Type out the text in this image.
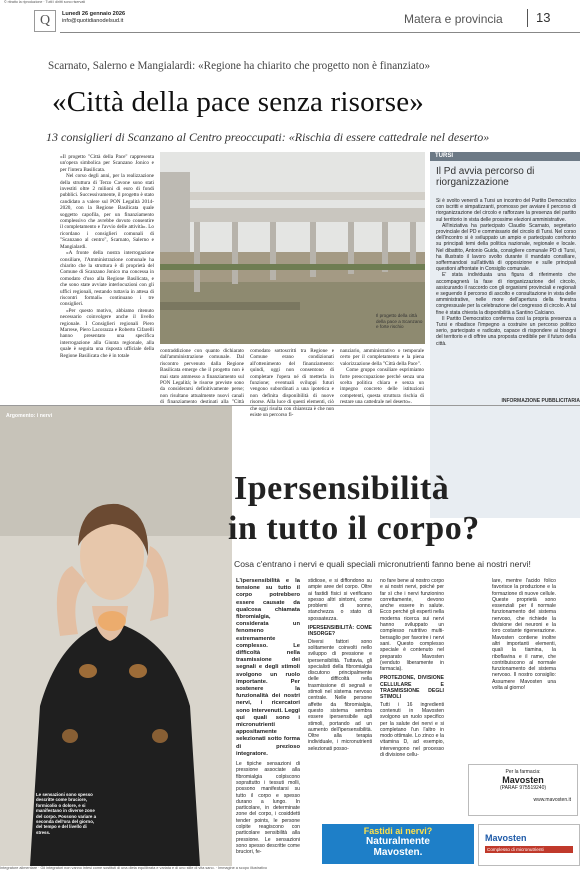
© ritratto la riproduzione · Tutti i diritti sono riservati
Q	Lunedì 26 gennaio 2026
info@quotidianodelsud.it	Matera e provincia	13
Scarnato, Salerno e Mangialardi: «Regione ha chiarito che progetto non è finanziato»
«Città della pace senza risorse»
13 consiglieri di Scanzano al Centro preoccupati: «Rischia di essere cattedrale nel deserto»

«Il progetto "Città della Pace" rappresenta un'opera simbolica per Scanzano Jonico e per l'intera Basilicata.

Nel corso degli anni, per la realizzazione della struttura di Terzo Cavone sono stati investiti oltre 2 milioni di euro di fondi pubblici. Successivamente, il progetto è stato candidato a valere sul PON Legalità 2014-2020, con la Regione Basilicata quale soggetto capofila, per un finanziamento complessivo che avrebbe dovuto consentire il completamento e l'avvio delle attività». Lo ricordano i consiglieri comunali di "Scanzano al centro", Scarnato, Salerno e Mangialardi.

«A fronte della nostra interrogazione consiliare, l'Amministrazione comunale ha chiarito che la struttura è di proprietà del Comune di Scanzano Jonico ma concessa in comodato d'uso alla Regione Basilicata, e che sono state avviate interlocuzioni con gli uffici regionali, restando tuttavia in attesa di riscontri formali» continuano i tre consiglieri.

«Per questo motivo, abbiamo ritenuto necessario coinvolgere anche il livello regionale. I Consiglieri regionali Piero Marrese, Piero Lacorazza e Roberto Cifarelli hanno presentato una specifica interrogazione alla Giunta regionale, alla quale è seguita una risposta ufficiale della Regione Basilicata che è in totale

Il progetto della città della pace a Scanzano e forte rischio

contraddizione con quanto dichiarato dall'amministrazione comunale. Dal riscontro pervenuto dalla Regione Basilicata emerge che il progetto non è mai stato ammesso a finanziamento sul PON Legalità; le risorse previste sono da considerarsi definitivamente perse; non risultano attualmente nuovi canali di finanziamento destinati alla "Città

comodato sottoscritti tra Regione e Comune erano condizionati all'ottenimento del finanziamento: quindi, oggi non consentono di completare l'opera né di metterla in funzione; eventuali sviluppi futuri vengono subordinati a una ipotetica e non definita disponibilità di nuove risorse. Alla luce di questi elementi, ciò che oggi risulta con chiarezza è che non esiste un percorso fi-

nanziario, amministrativo o temporale certo per il completamento e la piena valorizzazione della "Città della Pace".

Come gruppo consiliare esprimiamo forte preoccupazione perché senza una scelta politica chiara e senza un impegno concreto delle istituzioni competenti, questa struttura rischia di restare una cattedrale nel deserto».

TURSI
Il Pd avvia percorso di riorganizzazione

Si è svolto venerdì a Tursi un incontro del Partito Democratico con iscritti e simpatizzanti, promosso per avviare il percorso di riorganizzazione del circolo e rafforzare la presenza del partito sul territorio in vista delle prossime elezioni amministrative.

All'iniziativa ha partecipato Claudio Scarnato, segretario provinciale del PD e commissario del circolo di Tursi. Nel corso dell'incontro si è sviluppato un ampio e partecipato confronto su principali temi della politica nazionale, regionale e locale. Nel dibattito, Antonio Guida, consigliere comunale PD di Tursi, ha illustrato il lavoro svolto durante il mandato consiliare, soffermandosi sull'attività di opposizione e sulle principali questioni affrontate in Consiglio comunale.

E' stata individuata una figura di riferimento che accompagnerà la fase di riorganizzazione del circolo, assicurando il raccordo con gli organismi provinciali e regionali e seguendo il percorso di ascolto e consultazione in vista delle amministrative, nelle more dell'apertura della finestra congressuale per la celebrazione del congresso di circolo. A tal fine è stata chiesta la disponibilità a Santino Calciano.

Il Partito Democratico conferma così la propria presenza a Tursi e ribadisce l'impegno a costruire un percorso politico serio, partecipato e radicato, capace di rispondere ai bisogni del territorio e di offrire una proposta credibile per il futuro della città.

INFORMAZIONE PUBBLICITARIA
Argomento: i nervi
Le sensazioni sono spesso descritte come bruciore, formicolio o dolore, e si manifestano in diverse zone del corpo. Possono variare a seconda dell'ora del giorno, del tempo e del livello di stress.
Ipersensibilità
in tutto il corpo?
Cosa c'entrano i nervi e quali speciali micronutrienti fanno bene ai nostri nervi!

L'ipersensibilità e la tensione su tutto il corpo potrebbero essere causate da qualcosa chiamata fibromialgia, considerata un fenomeno estremamente complesso. Le difficoltà nella trasmissione dei segnali e degli stimoli svolgono un ruolo importante. Per sostenere la funzionalità dei nostri nervi, i ricercatori sono intervenuti. Leggi qui quali sono i micronutrienti appositamente selezionati sotto forma di prezioso integratore.

Le tipiche sensazioni di pressione associate alla fibromialgia colpiscono soprattutto i tessuti molli, possono manifestarsi su tutto il corpo e spesso durano a lungo. In particolare, in determinate zone del corpo, i cosiddetti tender points, le persone colpite reagiscono con particolare sensibilità alla pressione. Le sensazioni sono spesso descritte come bruciori, fe-

stidiose, e si diffondono su ampie aree del corpo. Oltre ai fastidi fisici si verificano spesso altri sintomi, come problemi di sonno, stanchezza o stato di spossatezza.

IPERSENSIBILITÀ: COME INSORGE?

Diversi fattori sono solitamente coinvolti nello sviluppo di pressione e ipersensibilità. Tuttavia, gli specialisti della fibromialgia discutono principalmente delle difficoltà nella trasmissione di segnali e stimoli nel sistema nervoso centrale. Nelle persone affette da fibromialgia, questo sistema sembra essere ipersensibile agli stimoli, portando ad un aumento dell'ipersensibilità. Oltre alla terapia individuale, i micronutrienti selezionati posso-

no fare bene al nostro corpo e ai nostri nervi, poiché per far sì che i nervi funzionino correttamente, devono anche essere in salute. Ecco perché gli esperti nella moderna ricerca sui nervi hanno sviluppato un complesso nutritivo multi-bersaglio per favorire i nervi sani. Questo complesso speciale è contenuto nel preparato Mavosten (venduto liberamente in farmacia).

PROTEZIONE, DIVISIONE CELLULARE E TRASMISSIONE DEGLI STIMOLI

Tutti i 16 ingredienti contenuti in Mavosten svolgono un ruolo specifico per la salute dei nervi e si completano l'un l'altro in modo ottimale. Lo zinco e la vitamina D, ad esempio, intervengono nel processo di divisione cellu-

lare, mentre l'acido folico favorisce la produzione e la formazione di nuove cellule. Queste proprietà sono essenziali per il normale funzionamento del sistema nervoso, che richiede la divisione dei neuroni e la loro costante rigenerazione. Mavosten contiene inoltre altri importanti elementi, quali la tiamina, la riboflavina e il rame, che contribuiscono al normale funzionamento del sistema nervoso. Il nostro consiglio: Assumere Mavosten una volta al giorno!

Per la farmacia:
Mavosten
(PARAF 975519240)
www.mavosten.it
Fastidi ai nervi?
Naturalmente
Mavosten.
Mavosten
Complesso di micronutrienti
Integratore alimentare · Gli integratori non vanno intesi come sostituti di una dieta equilibrata e variata e di uno stile di vita sano. · Immagine a scopo illustrativo
